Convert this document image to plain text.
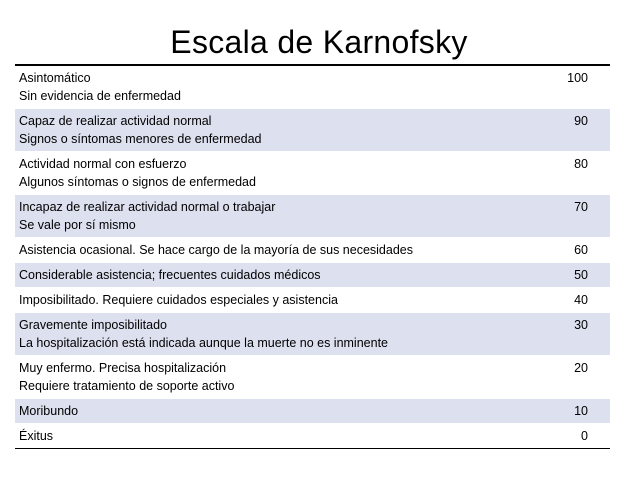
Escala de Karnofsky
Asintomático
Sin evidencia de enfermedad	100

Capaz de realizar actividad normal
Signos o síntomas menores de enfermedad	90

Actividad normal con esfuerzo
Algunos síntomas o signos de enfermedad	80

Incapaz de realizar actividad normal o trabajar
Se vale por sí mismo	70

Asistencia ocasional. Se hace cargo de la mayoría de sus necesidades	60

Considerable asistencia; frecuentes cuidados médicos	50

Imposibilitado. Requiere cuidados especiales y asistencia	40

Gravemente imposibilitado
La hospitalización está indicada aunque la muerte no es inminente	30

Muy enfermo. Precisa hospitalización
Requiere tratamiento de soporte activo	20

Moribundo	10

Éxitus	0
